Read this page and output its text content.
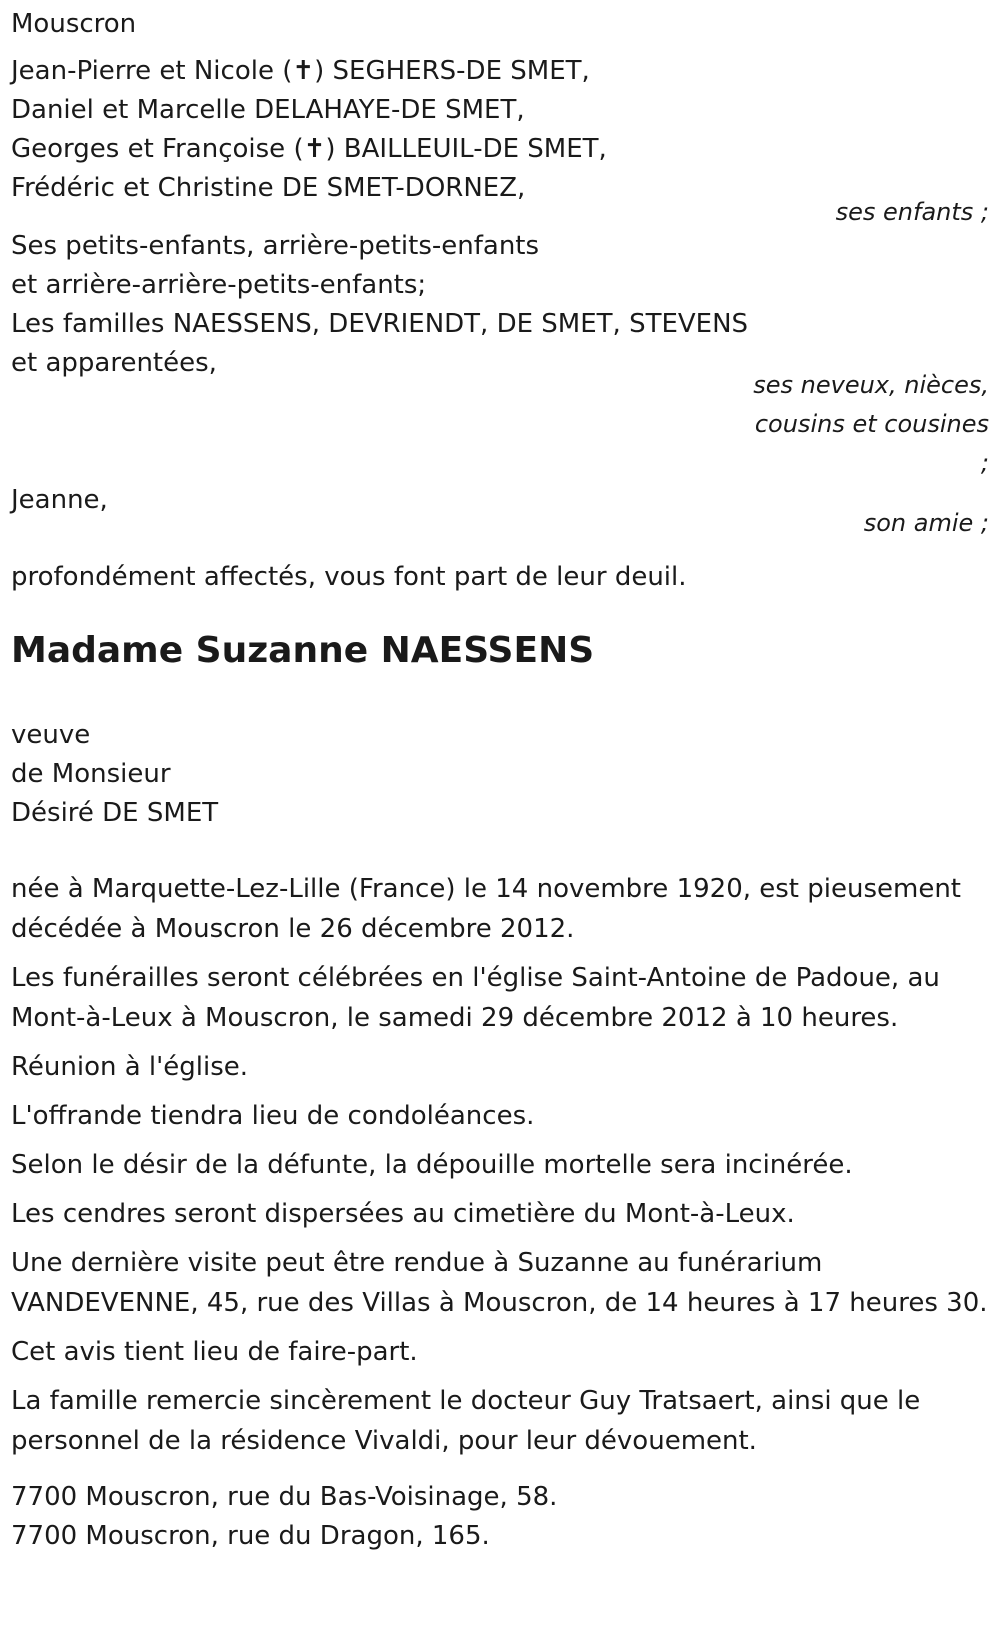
Mouscron

Jean-Pierre et Nicole (✝) SEGHERS-DE SMET,

Daniel et Marcelle DELAHAYE-DE SMET,

Georges et Françoise (✝) BAILLEUIL-DE SMET,

Frédéric et Christine DE SMET-DORNEZ,

ses enfants ;

Ses petits-enfants, arrière-petits-enfants

et arrière-arrière-petits-enfants;

Les familles NAESSENS, DEVRIENDT, DE SMET, STEVENS

et apparentées,

ses neveux, nièces,

cousins et cousines

;

Jeanne,
son amie ;
profondément affectés, vous font part de leur deuil.
Madame Suzanne NAESSENS

veuve

de Monsieur

Désiré DE SMET

née à Marquette-Lez-Lille (France) le 14 novembre 1920, est pieusement décédée à Mouscron le 26 décembre 2012.

Les funérailles seront célébrées en l'église Saint-Antoine de Padoue, au Mont-à-Leux à Mouscron, le samedi 29 décembre 2012 à 10 heures.

Réunion à l'église.

L'offrande tiendra lieu de condoléances.

Selon le désir de la défunte, la dépouille mortelle sera incinérée.

Les cendres seront dispersées au cimetière du Mont-à-Leux.

Une dernière visite peut être rendue à Suzanne au funérarium VANDEVENNE, 45, rue des Villas à Mouscron, de 14 heures à 17 heures 30.

Cet avis tient lieu de faire-part.

La famille remercie sincèrement le docteur Guy Tratsaert, ainsi que le personnel de la résidence Vivaldi, pour leur dévouement.

7700 Mouscron, rue du Bas-Voisinage, 58.

7700 Mouscron, rue du Dragon, 165.
